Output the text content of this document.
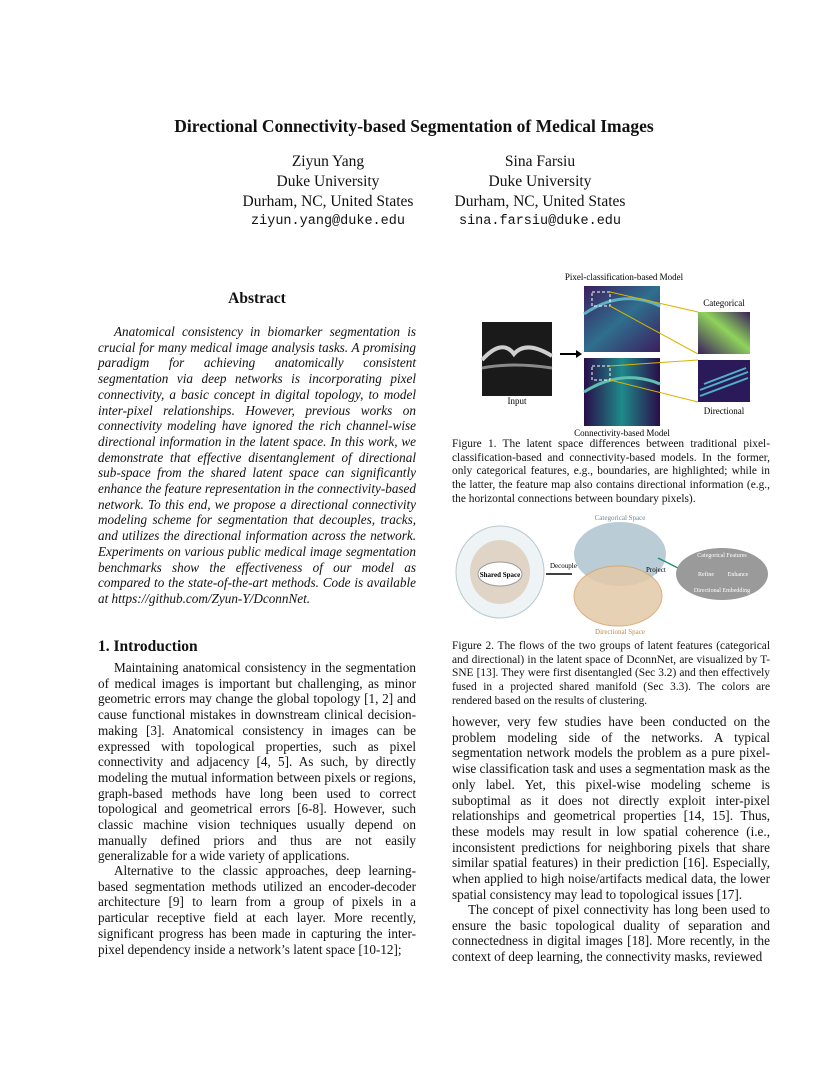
Directional Connectivity-based Segmentation of Medical Images
Ziyun Yang
Duke University
Durham, NC, United States
ziyun.yang@duke.edu
Sina Farsiu
Duke University
Durham, NC, United States
sina.farsiu@duke.edu
Abstract

Anatomical consistency in biomarker segmentation is crucial for many medical image analysis tasks. A promising paradigm for achieving anatomically consistent segmentation via deep networks is incorporating pixel connectivity, a basic concept in digital topology, to model inter-pixel relationships. However, previous works on connectivity modeling have ignored the rich channel-wise directional information in the latent space. In this work, we demonstrate that effective disentanglement of directional sub-space from the shared latent space can significantly enhance the feature representation in the connectivity-based network. To this end, we propose a directional connectivity modeling scheme for segmentation that decouples, tracks, and utilizes the directional information across the network. Experiments on various public medical image segmentation benchmarks show the effectiveness of our model as compared to the state-of-the-art methods. Code is available at https://github.com/Zyun-Y/DconnNet.

1. Introduction

Maintaining anatomical consistency in the segmentation of medical images is important but challenging, as minor geometric errors may change the global topology [1, 2] and cause functional mistakes in downstream clinical decision-making [3]. Anatomical consistency in images can be expressed with topological properties, such as pixel connectivity and adjacency [4, 5]. As such, by directly modeling the mutual information between pixels or regions, graph-based methods have long been used to correct topological and geometrical errors [6-8]. However, such classic machine vision techniques usually depend on manually defined priors and thus are not easily generalizable for a wide variety of applications.

Alternative to the classic approaches, deep learning-based segmentation methods utilized an encoder-decoder architecture [9] to learn from a group of pixels in a particular receptive field at each layer. More recently, significant progress has been made in capturing the inter-pixel dependency inside a network’s latent space [10-12];

Pixel-classification-based Model
Input
Categorical
Directional
Connectivity-based Model

Figure 1. The latent space differences between traditional pixel-classification-based and connectivity-based models. In the former, only categorical features, e.g., boundaries, are highlighted; while in the latter, the feature map also contains directional information (e.g., the horizontal connections between boundary pixels).

Categorical Space
Shared Space
Decouple	Project
Categorical Features
Refine Enhance
Directional Embedding
Directional Space

Figure 2. The flows of the two groups of latent features (categorical and directional) in the latent space of DconnNet, are visualized by T-SNE [13]. They were first disentangled (Sec 3.2) and then effectively fused in a projected shared manifold (Sec 3.3). The colors are rendered based on the results of clustering.

however, very few studies have been conducted on the problem modeling side of the networks. A typical segmentation network models the problem as a pure pixel-wise classification task and uses a segmentation mask as the only label. Yet, this pixel-wise modeling scheme is suboptimal as it does not directly exploit inter-pixel relationships and geometrical properties [14, 15]. Thus, these models may result in low spatial coherence (i.e., inconsistent predictions for neighboring pixels that share similar spatial features) in their prediction [16]. Especially, when applied to high noise/artifacts medical data, the lower spatial consistency may lead to topological issues [17].

The concept of pixel connectivity has long been used to ensure the basic topological duality of separation and connectedness in digital images [18]. More recently, in the context of deep learning, the connectivity masks, reviewed
